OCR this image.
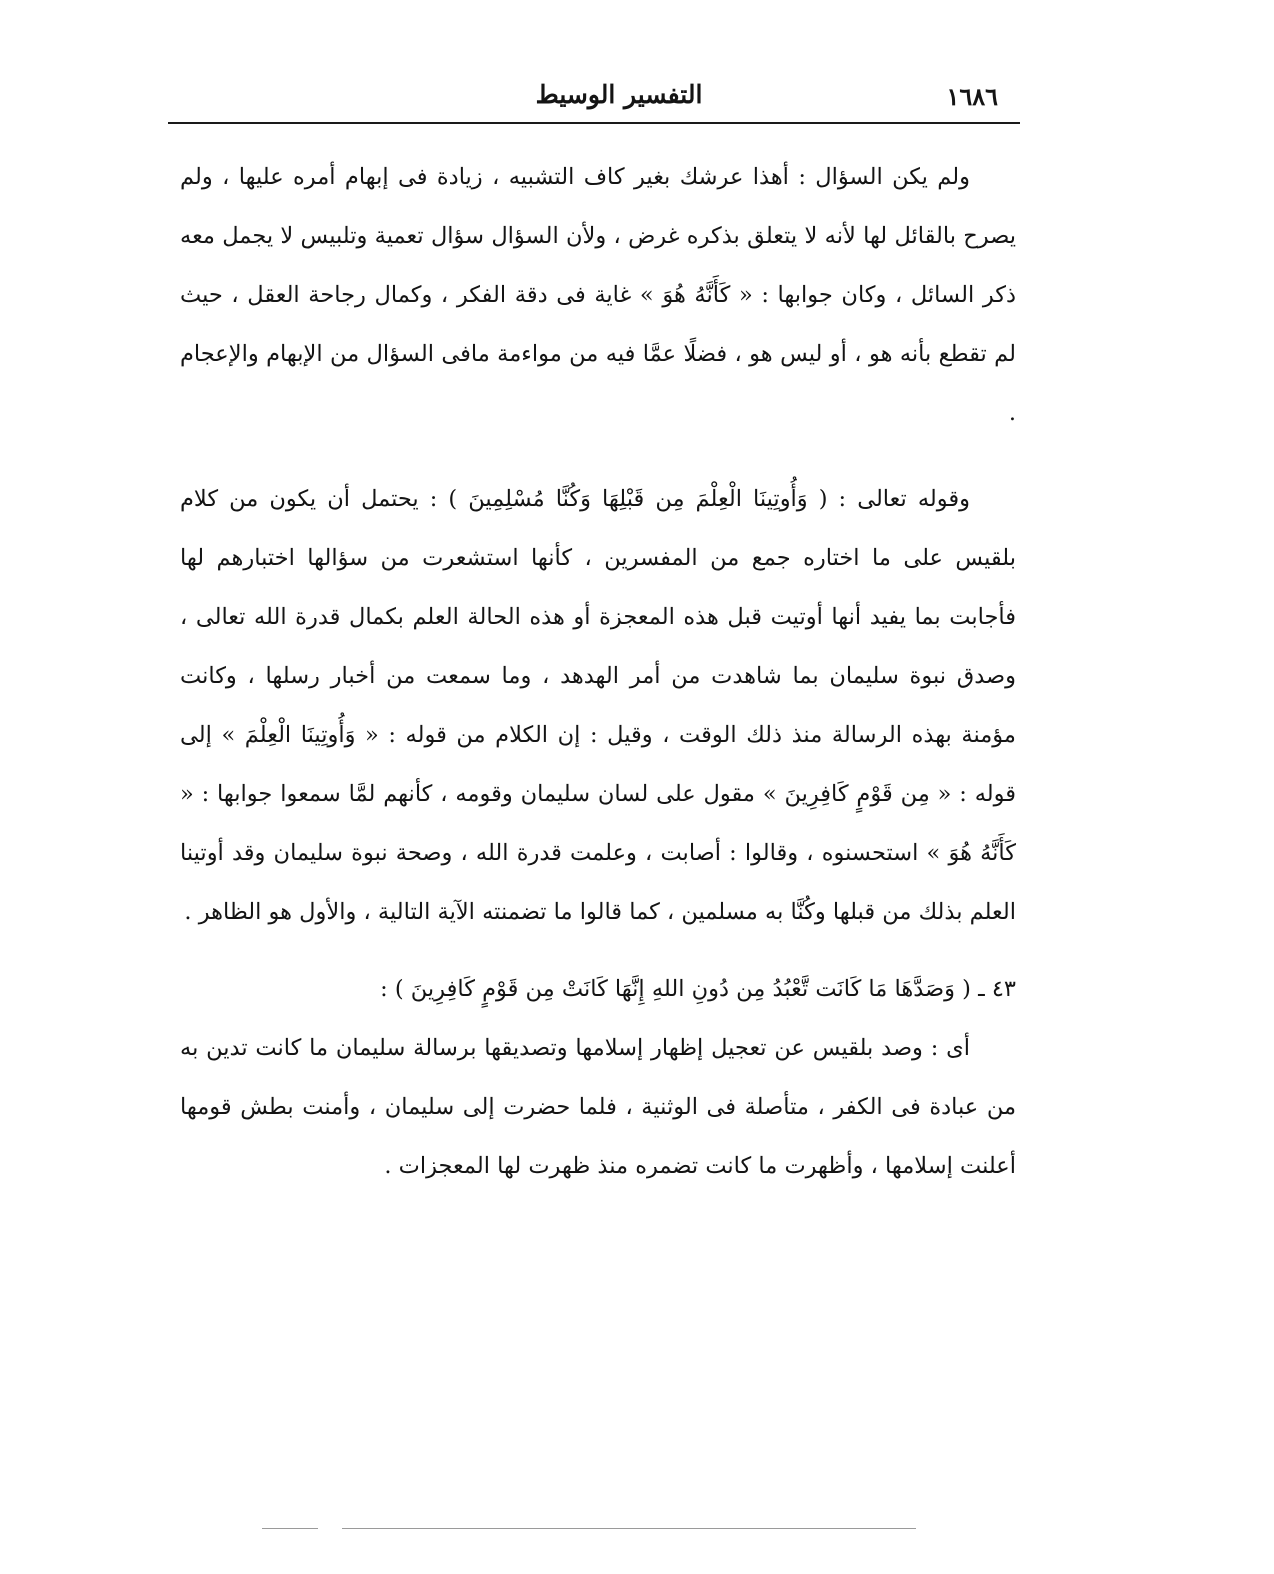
١٦٨٦
التفسير الوسيط

ولم يكن السؤال : أهذا عرشك بغير كاف التشبيه ، زيادة فى إبهام أمره عليها ، ولم يصرح بالقائل لها لأنه لا يتعلق بذكره غرض ، ولأن السؤال سؤال تعمية وتلبيس لا يجمل معه ذكر السائل ، وكان جوابها : « كَأَنَّهُ هُوَ » غاية فى دقة الفكر ، وكمال رجاحة العقل ، حيث لم تقطع بأنه هو ، أو ليس هو ، فضلًا عمَّا فيه من مواءمة مافى السؤال من الإبهام والإعجام .

وقوله تعالى : ( وَأُوتِينَا الْعِلْمَ مِن قَبْلِهَا وَكُنَّا مُسْلِمِينَ ) : يحتمل أن يكون من كلام بلقيس على ما اختاره جمع من المفسرين ، كأنها استشعرت من سؤالها اختبارهم لها فأجابت بما يفيد أنها أوتيت قبل هذه المعجزة أو هذه الحالة العلم بكمال قدرة الله تعالى ، وصدق نبوة سليمان بما شاهدت من أمر الهدهد ، وما سمعت من أخبار رسلها ، وكانت مؤمنة بهذه الرسالة منذ ذلك الوقت ، وقيل : إن الكلام من قوله : « وَأُوتِينَا الْعِلْمَ » إلى قوله : « مِن قَوْمٍ كَافِرِينَ » مقول على لسان سليمان وقومه ، كأنهم لمَّا سمعوا جوابها : « كَأَنَّهُ هُوَ » استحسنوه ، وقالوا : أصابت ، وعلمت قدرة الله ، وصحة نبوة سليمان وقد أوتينا العلم بذلك من قبلها وكُنَّا به مسلمين ، كما قالوا ما تضمنته الآية التالية ، والأول هو الظاهر .

٤٣ ـ ( وَصَدَّهَا مَا كَانَت تَّعْبُدُ مِن دُونِ اللهِ إِنَّهَا كَانَتْ مِن قَوْمٍ كَافِرِينَ ) :

أى : وصد بلقيس عن تعجيل إظهار إسلامها وتصديقها برسالة سليمان ما كانت تدين به من عبادة فى الكفر ، متأصلة فى الوثنية ، فلما حضرت إلى سليمان ، وأمنت بطش قومها أعلنت إسلامها ، وأظهرت ما كانت تضمره منذ ظهرت لها المعجزات .
